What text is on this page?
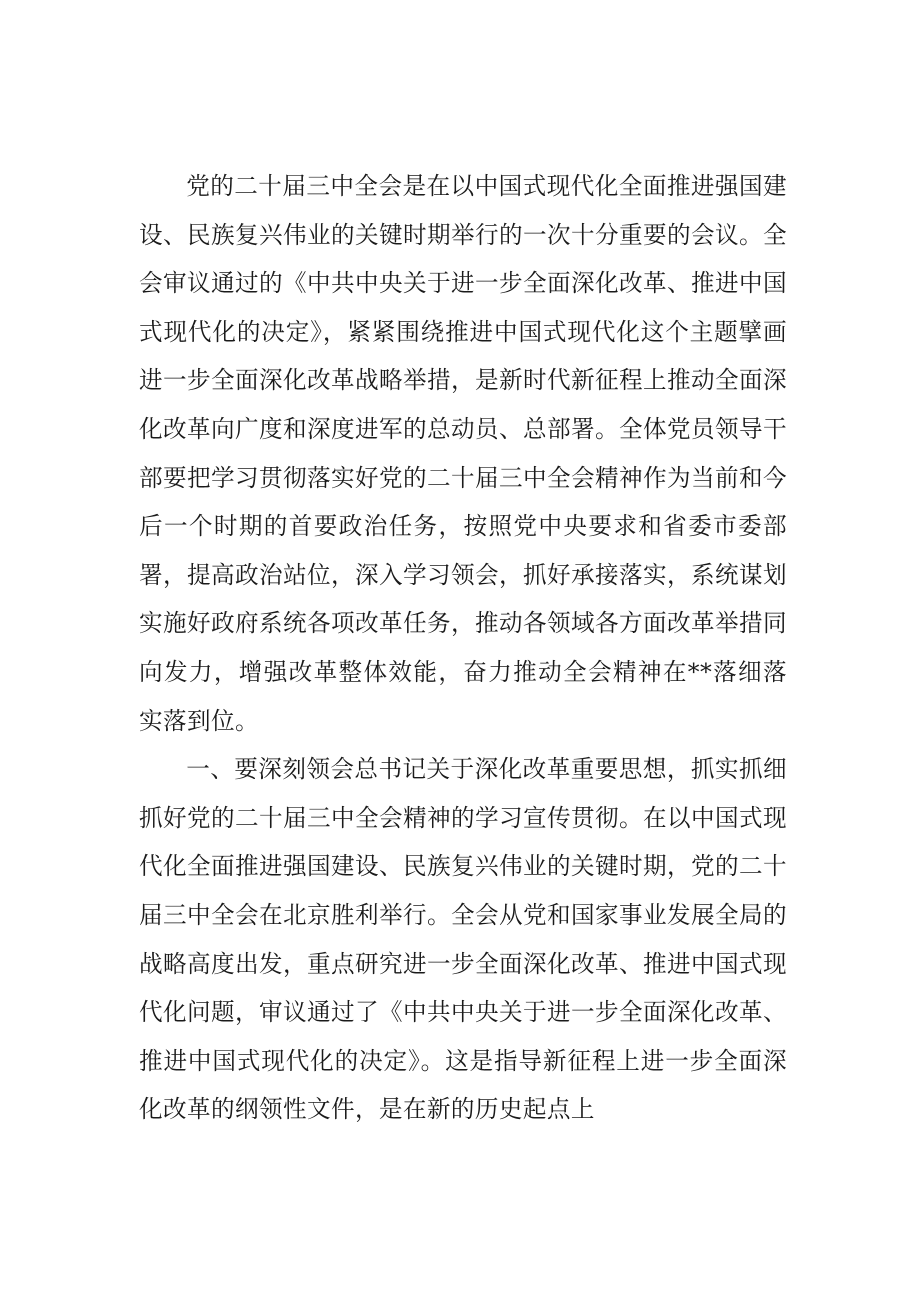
党的二十届三中全会是在以中国式现代化全面推进强国建设、民族复兴伟业的关键时期举行的一次十分重要的会议。全会审议通过的《中共中央关于进一步全面深化改革、推进中国式现代化的决定》，紧紧围绕推进中国式现代化这个主题擘画进一步全面深化改革战略举措，是新时代新征程上推动全面深化改革向广度和深度进军的总动员、总部署。全体党员领导干部要把学习贯彻落实好党的二十届三中全会精神作为当前和今后一个时期的首要政治任务，按照党中央要求和省委市委部署，提高政治站位，深入学习领会，抓好承接落实，系统谋划实施好政府系统各项改革任务，推动各领域各方面改革举措同向发力，增强改革整体效能，奋力推动全会精神在**落细落实落到位。

一、要深刻领会总书记关于深化改革重要思想，抓实抓细抓好党的二十届三中全会精神的学习宣传贯彻。在以中国式现代化全面推进强国建设、民族复兴伟业的关键时期，党的二十届三中全会在北京胜利举行。全会从党和国家事业发展全局的战略高度出发，重点研究进一步全面深化改革、推进中国式现代化问题，审议通过了《中共中央关于进一步全面深化改革、推进中国式现代化的决定》。这是指导新征程上进一步全面深化改革的纲领性文件，是在新的历史起点上
